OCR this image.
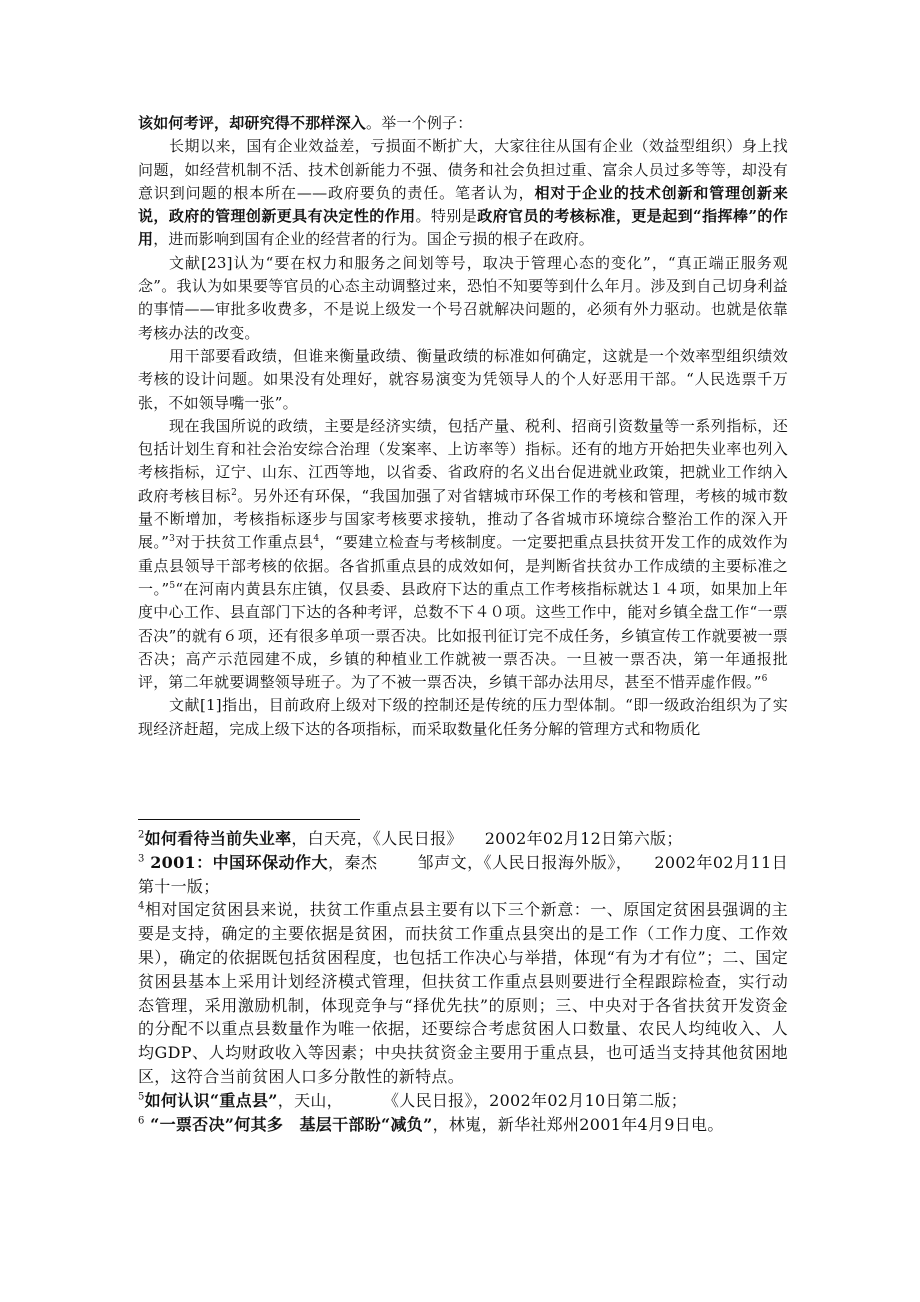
该如何考评，却研究得不那样深入。举一个例子：

长期以来，国有企业效益差，亏损面不断扩大，大家往往从国有企业（效益型组织）身上找问题，如经营机制不活、技术创新能力不强、债务和社会负担过重、富余人员过多等等，却没有意识到问题的根本所在——政府要负的责任。笔者认为，相对于企业的技术创新和管理创新来说，政府的管理创新更具有决定性的作用。特别是政府官员的考核标准，更是起到“指挥棒”的作用，进而影响到国有企业的经营者的行为。国企亏损的根子在政府。

文献[23]认为“要在权力和服务之间划等号，取决于管理心态的变化”，“真正端正服务观念”。我认为如果要等官员的心态主动调整过来，恐怕不知要等到什么年月。涉及到自己切身利益的事情——审批多收费多，不是说上级发一个号召就解决问题的，必须有外力驱动。也就是依靠考核办法的改变。

用干部要看政绩，但谁来衡量政绩、衡量政绩的标准如何确定，这就是一个效率型组织绩效考核的设计问题。如果没有处理好，就容易演变为凭领导人的个人好恶用干部。“人民选票千万张，不如领导嘴一张”。

现在我国所说的政绩，主要是经济实绩，包括产量、税利、招商引资数量等一系列指标，还包括计划生育和社会治安综合治理（发案率、上访率等）指标。还有的地方开始把失业率也列入考核指标，辽宁、山东、江西等地，以省委、省政府的名义出台促进就业政策，把就业工作纳入政府考核目标$^2$。另外还有环保，“我国加强了对省辖城市环保工作的考核和管理，考核的城市数量不断增加，考核指标逐步与国家考核要求接轨，推动了各省城市环境综合整治工作的深入开展。”$^3$对于扶贫工作重点县$^4$，“要建立检查与考核制度。一定要把重点县扶贫开发工作的成效作为重点县领导干部考核的依据。各省抓重点县的成效如何，是判断省扶贫办工作成绩的主要标准之一。”$^5$“在河南内黄县东庄镇，仅县委、县政府下达的重点工作考核指标就达１４项，如果加上年度中心工作、县直部门下达的各种考评，总数不下４０项。这些工作中，能对乡镇全盘工作“一票否决”的就有６项，还有很多单项一票否决。比如报刊征订完不成任务，乡镇宣传工作就要被一票否决；高产示范园建不成，乡镇的种植业工作就被一票否决。一旦被一票否决，第一年通报批评，第二年就要调整领导班子。为了不被一票否决，乡镇干部办法用尽，甚至不惜弄虚作假。”$^6$

文献[1]指出，目前政府上级对下级的控制还是传统的压力型体制。“即一级政治组织为了实现经济赶超，完成上级下达的各项指标，而采取数量化任务分解的管理方式和物质化

$^2$如何看待当前失业率，白天亮，《人民日报》 2002年02月12日第六版；

$^3$ 2001：中国环保动作大，秦杰	邹声文，《人民日报海外版》， 2002年02月11日第十一版；

$^4$相对国定贫困县来说，扶贫工作重点县主要有以下三个新意：一、原国定贫困县强调的主要是支持，确定的主要依据是贫困，而扶贫工作重点县突出的是工作（工作力度、工作效果），确定的依据既包括贫困程度，也包括工作决心与举措，体现“有为才有位”；二、国定贫困县基本上采用计划经济模式管理，但扶贫工作重点县则要进行全程跟踪检查，实行动态管理，采用激励机制，体现竞争与“择优先扶”的原则；三、中央对于各省扶贫开发资金的分配不以重点县数量作为唯一依据，还要综合考虑贫困人口数量、农民人均纯收入、人均GDP、人均财政收入等因素；中央扶贫资金主要用于重点县，也可适当支持其他贫困地区，这符合当前贫困人口多分散性的新特点。

$^5$如何认识“重点县”，天山，	《人民日报》，2002年02月10日第二版；

$^6$ “一票否决”何其多　基层干部盼“减负”，林嵬，新华社郑州2001年4月9日电。
